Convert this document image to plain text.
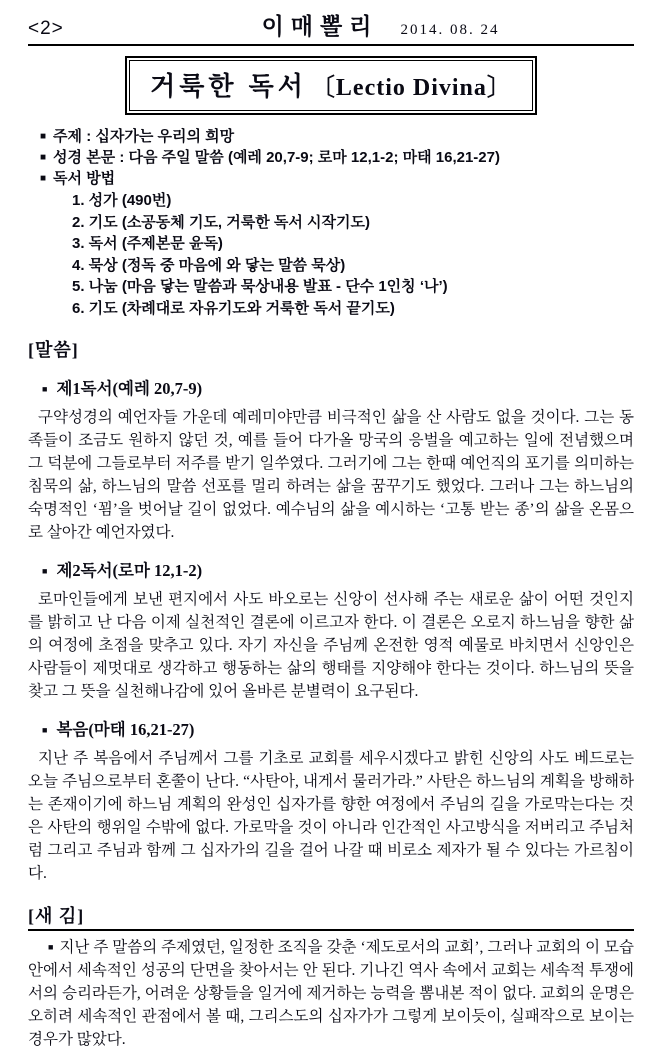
<2>	이매뽈리	2014. 08. 24
거룩한 독서 〔Lectio Divina〕
■ 주제 : 십자가는 우리의 희망
■ 성경 본문 : 다음 주일 말씀 (예레 20,7-9; 로마 12,1-2; 마태 16,21-27)
■ 독서 방법
1. 성가 (490번)
2. 기도 (소공동체 기도, 거룩한 독서 시작기도)
3. 독서 (주제본문 윤독)
4. 묵상 (정독 중 마음에 와 닿는 말씀 묵상)
5. 나눔 (마음 닿는 말씀과 묵상내용 발표 - 단수 1인칭 ‘나’)
6. 기도 (차례대로 자유기도와 거룩한 독서 끝기도)
[말씀]
■ 제1독서(예레 20,7-9)

구약성경의 예언자들 가운데 예레미야만큼 비극적인 삶을 산 사람도 없을 것이다. 그는 동족들이 조금도 원하지 않던 것, 예를 들어 다가올 망국의 응벌을 예고하는 일에 전념했으며 그 덕분에 그들로부터 저주를 받기 일쑤였다. 그러기에 그는 한때 예언직의 포기를 의미하는 침묵의 삶, 하느님의 말씀 선포를 멀리 하려는 삶을 꿈꾸기도 했었다. 그러나 그는 하느님의 숙명적인 ‘꾐’을 벗어날 길이 없었다. 예수님의 삶을 예시하는 ‘고통 받는 종’의 삶을 온몸으로 살아간 예언자였다.

■ 제2독서(로마 12,1-2)

로마인들에게 보낸 편지에서 사도 바오로는 신앙이 선사해 주는 새로운 삶이 어떤 것인지를 밝히고 난 다음 이제 실천적인 결론에 이르고자 한다. 이 결론은 오로지 하느님을 향한 삶의 여정에 초점을 맞추고 있다. 자기 자신을 주님께 온전한 영적 예물로 바치면서 신앙인은 사람들이 제멋대로 생각하고 행동하는 삶의 행태를 지양해야 한다는 것이다. 하느님의 뜻을 찾고 그 뜻을 실천해나감에 있어 올바른 분별력이 요구된다.

■ 복음(마태 16,21-27)

지난 주 복음에서 주님께서 그를 기초로 교회를 세우시겠다고 밝힌 신앙의 사도 베드로는 오늘 주님으로부터 혼쭐이 난다. “사탄아, 내게서 물러가라.” 사탄은 하느님의 계획을 방해하는 존재이기에 하느님 계획의 완성인 십자가를 향한 여정에서 주님의 길을 가로막는다는 것은 사탄의 행위일 수밖에 없다. 가로막을 것이 아니라 인간적인 사고방식을 저버리고 주님처럼 그리고 주님과 함께 그 십자가의 길을 걸어 나갈 때 비로소 제자가 될 수 있다는 가르침이다.

[새 김]

■ 지난 주 말씀의 주제였던, 일정한 조직을 갖춘 ‘제도로서의 교회’, 그러나 교회의 이 모습 안에서 세속적인 성공의 단면을 찾아서는 안 된다. 기나긴 역사 속에서 교회는 세속적 투쟁에서의 승리라든가, 어려운 상황들을 일거에 제거하는 능력을 뽐내본 적이 없다. 교회의 운명은 오히려 세속적인 관점에서 볼 때, 그리스도의 십자가가 그렇게 보이듯이, 실패작으로 보이는 경우가 많았다.
